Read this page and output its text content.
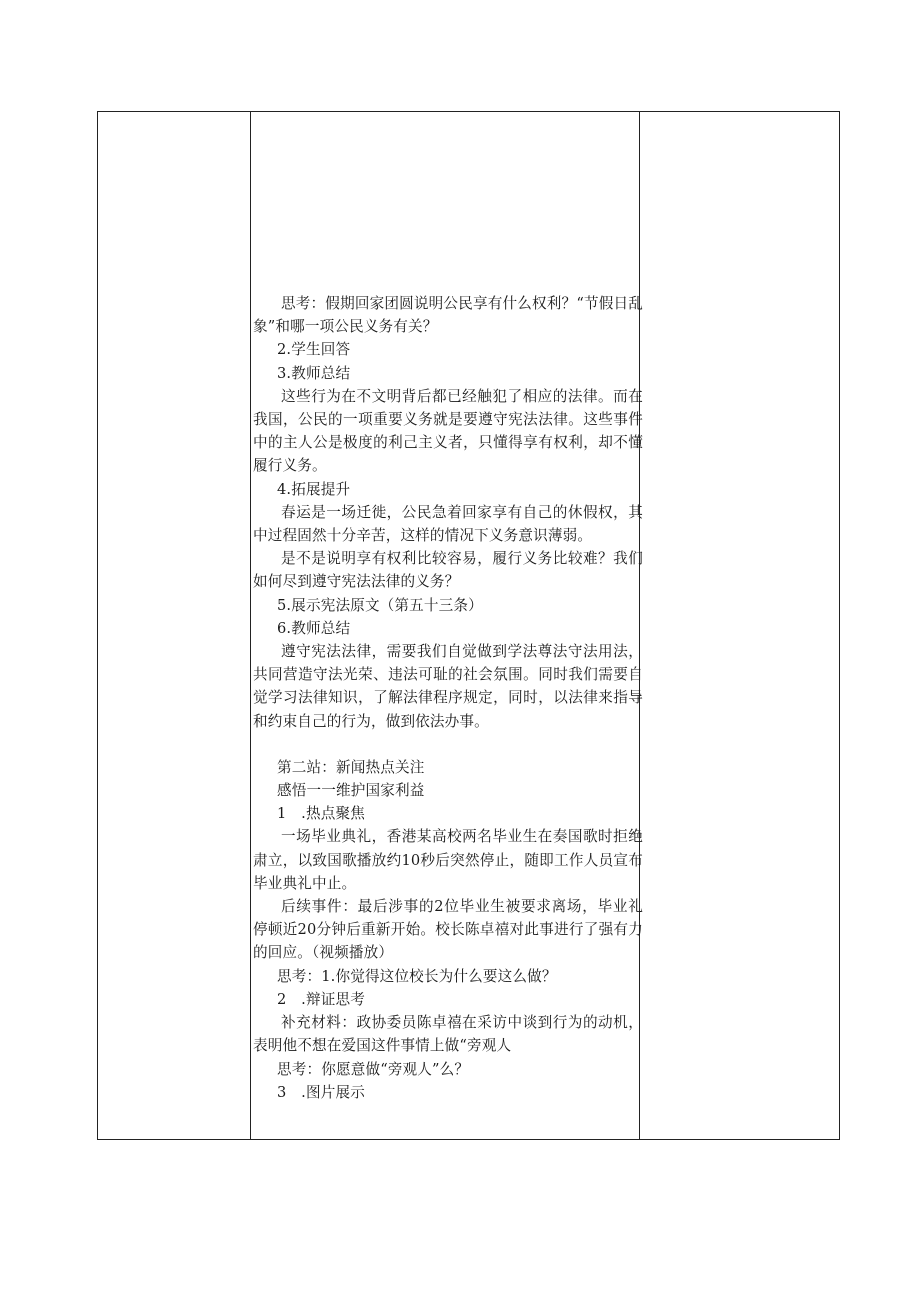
思考：假期回家团圆说明公民享有什么权利？“节假日乱象”和哪一项公民义务有关？

2.学生回答

3.教师总结

这些行为在不文明背后都已经触犯了相应的法律。而在我国，公民的一项重要义务就是要遵守宪法法律。这些事件中的主人公是极度的利己主义者，只懂得享有权利，却不懂履行义务。

4.拓展提升

春运是一场迁徙，公民急着回家享有自己的休假权，其中过程固然十分辛苦，这样的情况下义务意识薄弱。

是不是说明享有权利比较容易，履行义务比较难？我们如何尽到遵守宪法法律的义务？

5.展示宪法原文（第五十三条）

6.教师总结

遵守宪法法律，需要我们自觉做到学法尊法守法用法，共同营造守法光荣、违法可耻的社会氛围。同时我们需要自觉学习法律知识，了解法律程序规定，同时，以法律来指导和约束自己的行为，做到依法办事。

第二站：新闻热点关注

感悟一一维护国家利益

1　.热点聚焦

一场毕业典礼，香港某高校两名毕业生在奏国歌时拒绝肃立，以致国歌播放约10秒后突然停止，随即工作人员宣布毕业典礼中止。

后续事件：最后涉事的2位毕业生被要求离场，毕业礼停顿近20分钟后重新开始。校长陈卓禧对此事进行了强有力的回应。（视频播放）

思考：1.你觉得这位校长为什么要这么做？

2　.辩证思考

补充材料：政协委员陈卓禧在采访中谈到行为的动机，表明他不想在爱国这件事情上做“旁观人

思考：你愿意做“旁观人”么？

3　.图片展示
